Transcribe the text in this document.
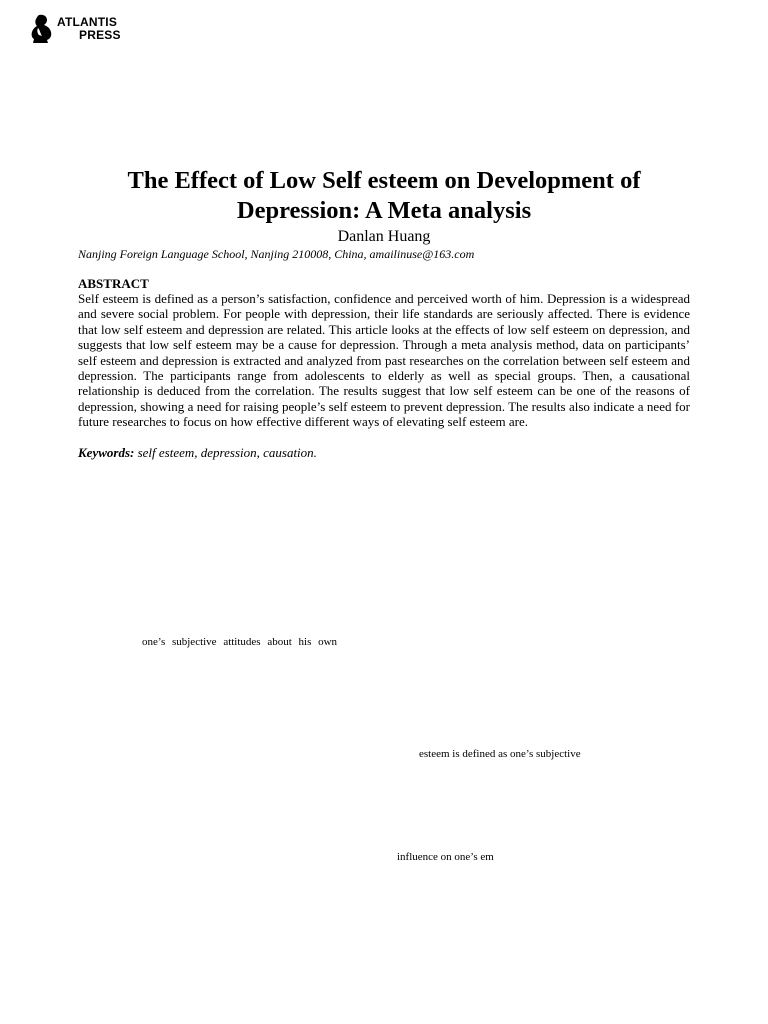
ATLANTIS
PRESS
The Effect of Low Self esteem on Development of
Depression: A Meta analysis
Danlan Huang
Nanjing Foreign Language School, Nanjing 210008, China, amailinuse@163.com
ABSTRACT

Self esteem is defined as a person’s satisfaction, confidence and perceived worth of him. Depression is a widespread and severe social problem. For people with depression, their life standards are seriously affected. There is evidence that low self esteem and depression are related. This article looks at the effects of low self esteem on depression, and suggests that low self esteem may be a cause for depression. Through a meta analysis method, data on participants’ self esteem and depression is extracted and analyzed from past researches on the correlation between self esteem and depression. The participants range from adolescents to elderly as well as special groups. Then, a causational relationship is deduced from the correlation. The results suggest that low self esteem can be one of the reasons of depression, showing a need for raising people’s self esteem to prevent depression. The results also indicate a need for future researches to focus on how effective different ways of elevating self esteem are.

Keywords: self esteem, depression, causation.
one’s subjective attitudes about his own
esteem is defined as one’s subjective
influence on one’s em
